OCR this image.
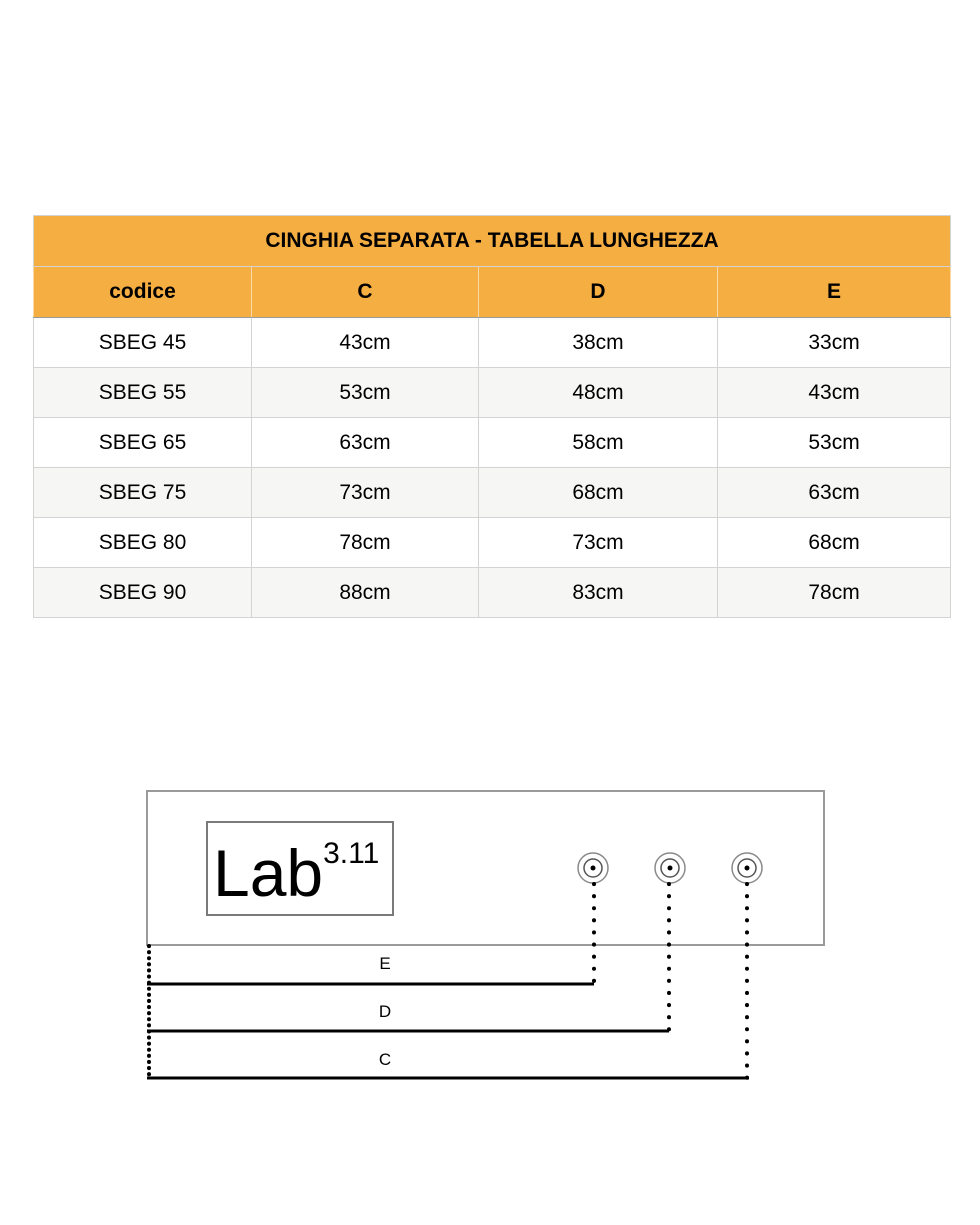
CINGHIA SEPARATA - TABELLA LUNGHEZZA			
codice	C	D	E
SBEG 45	43cm	38cm	33cm
SBEG 55	53cm	48cm	43cm
SBEG 65	63cm	58cm	53cm
SBEG 75	73cm	68cm	63cm
SBEG 80	78cm	73cm	68cm
SBEG 90	88cm	83cm	78cm
Lab$^{3.11}$
E
D
C
